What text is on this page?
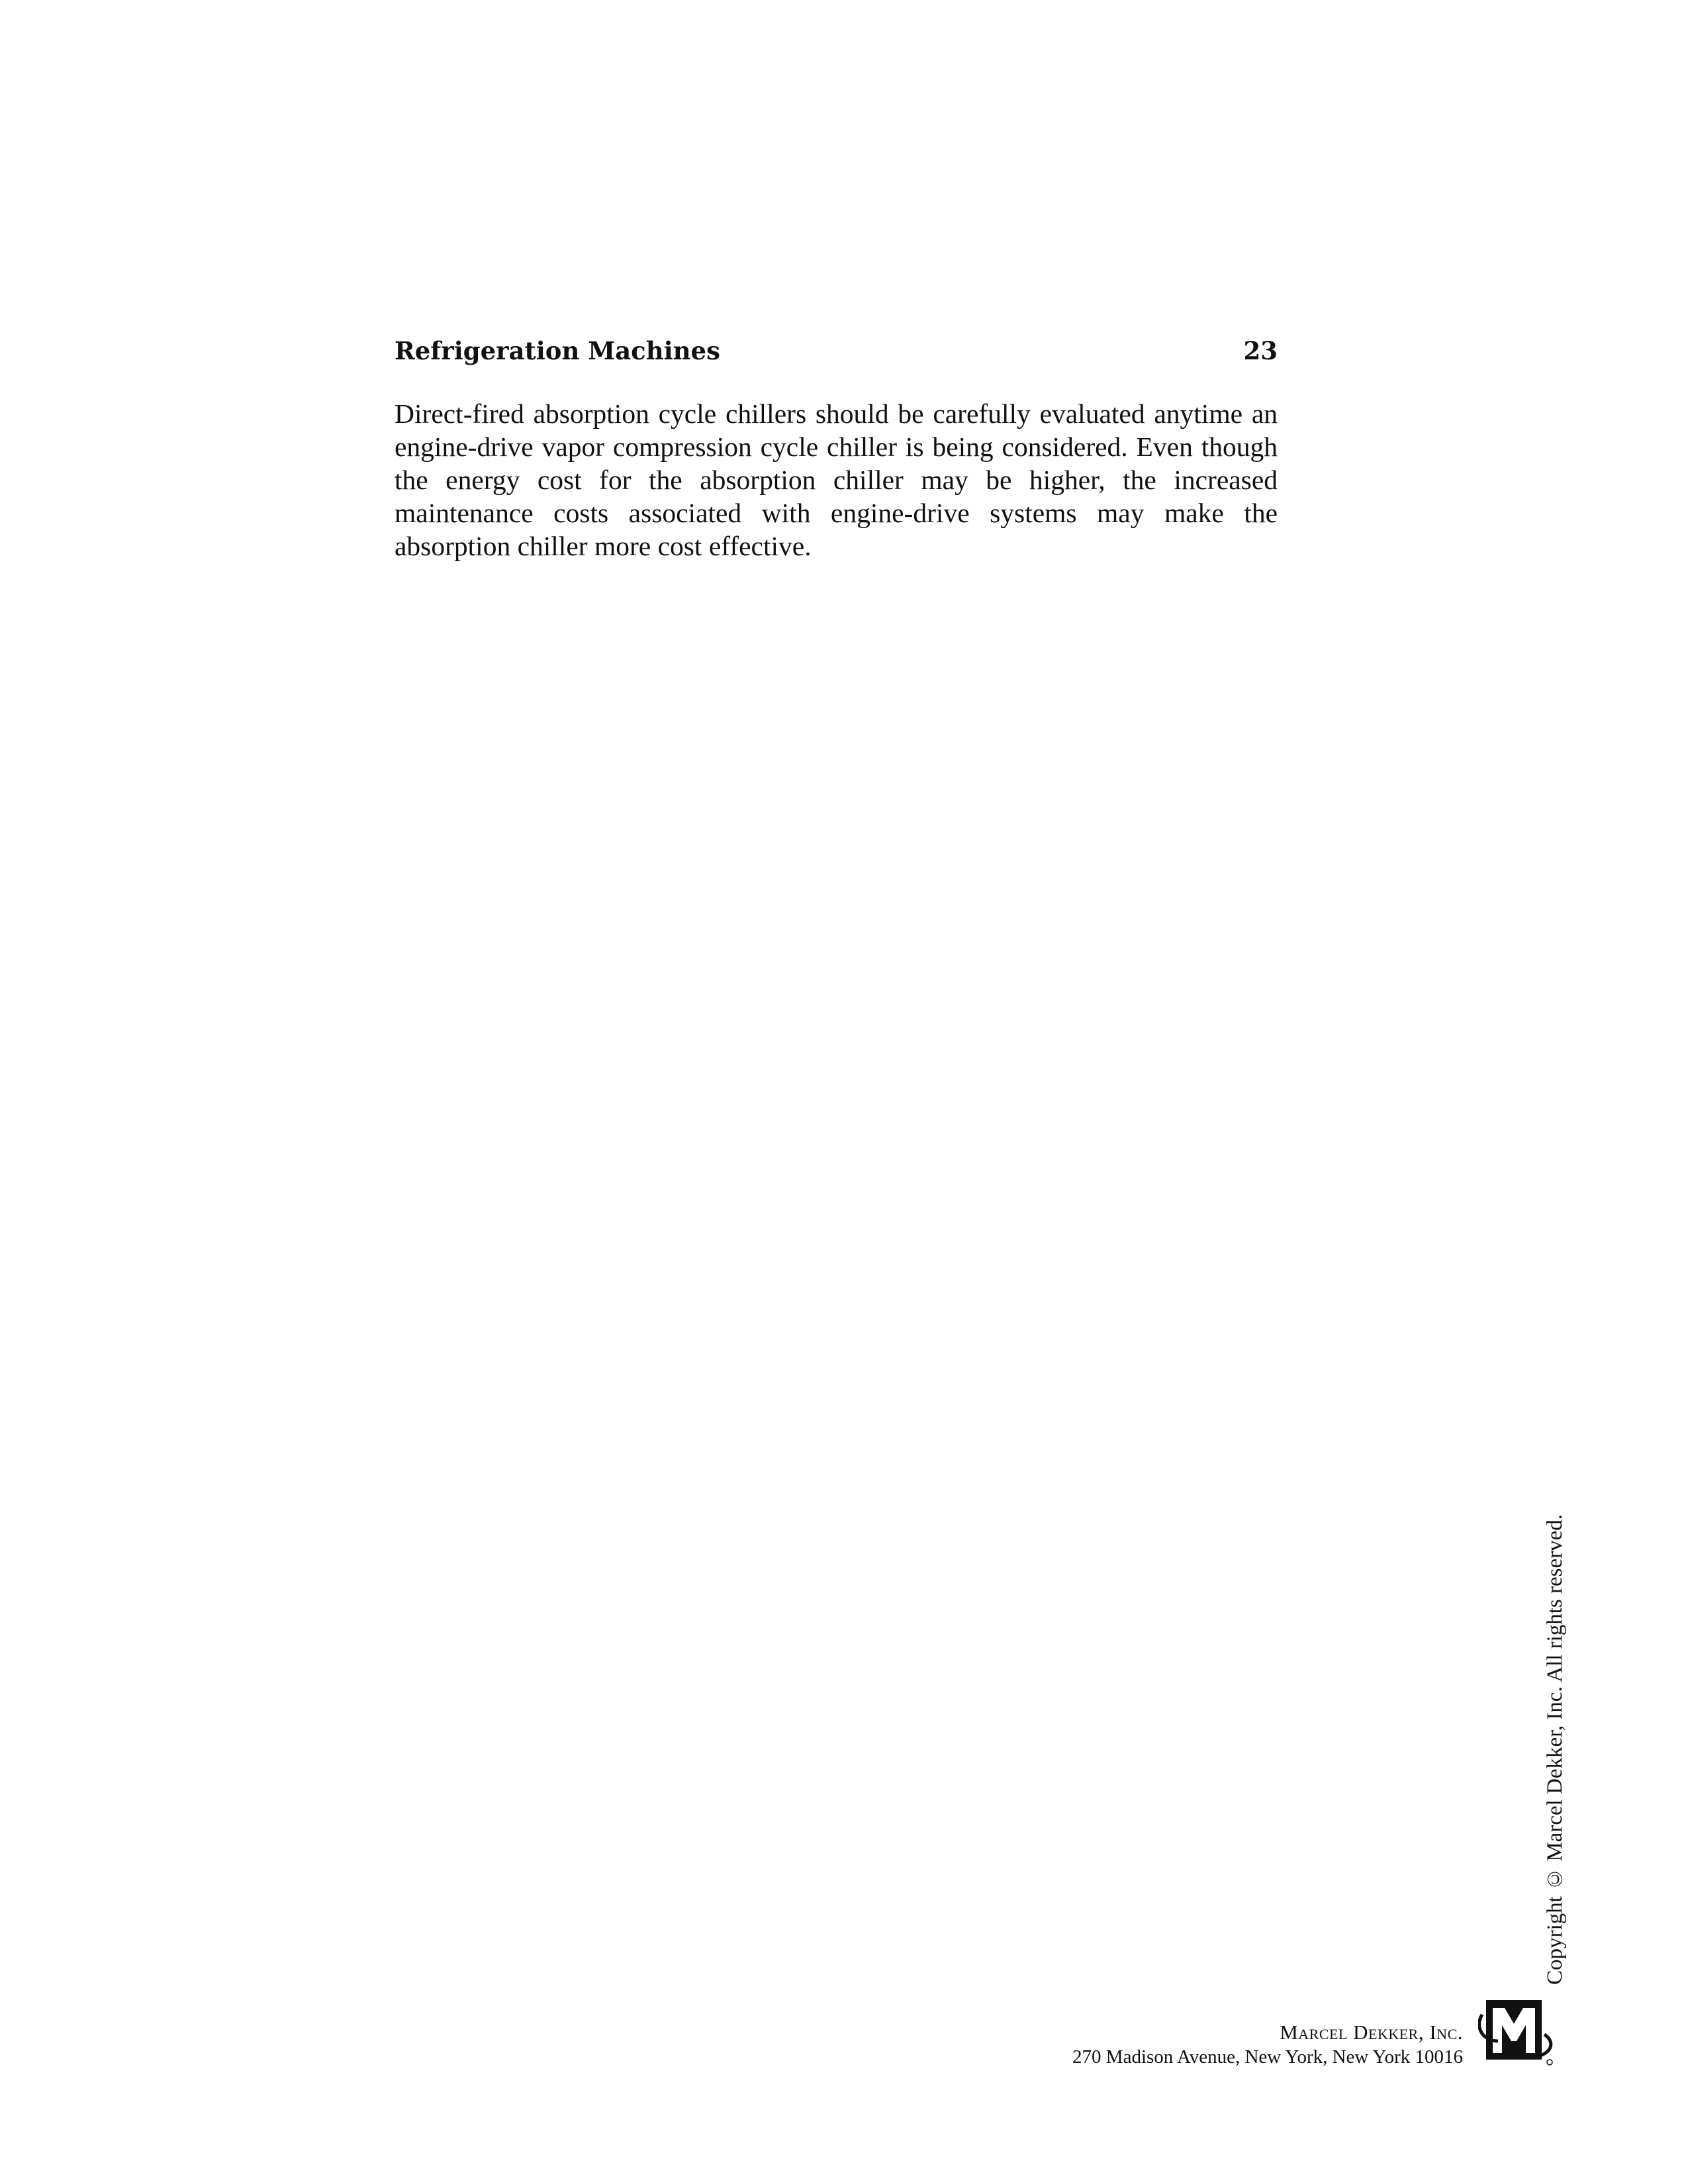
Refrigeration Machines	23

Direct-fired absorption cycle chillers should be carefully evaluated anytime an engine-drive vapor compression cycle chiller is being considered. Even though the energy cost for the absorption chiller may be higher, the increased maintenance costs associated with engine-drive systems may make the absorption chiller more cost effective.

Copyright © Marcel Dekker, Inc. All rights reserved.
Marcel Dekker, Inc.
270 Madison Avenue, New York, New York 10016
